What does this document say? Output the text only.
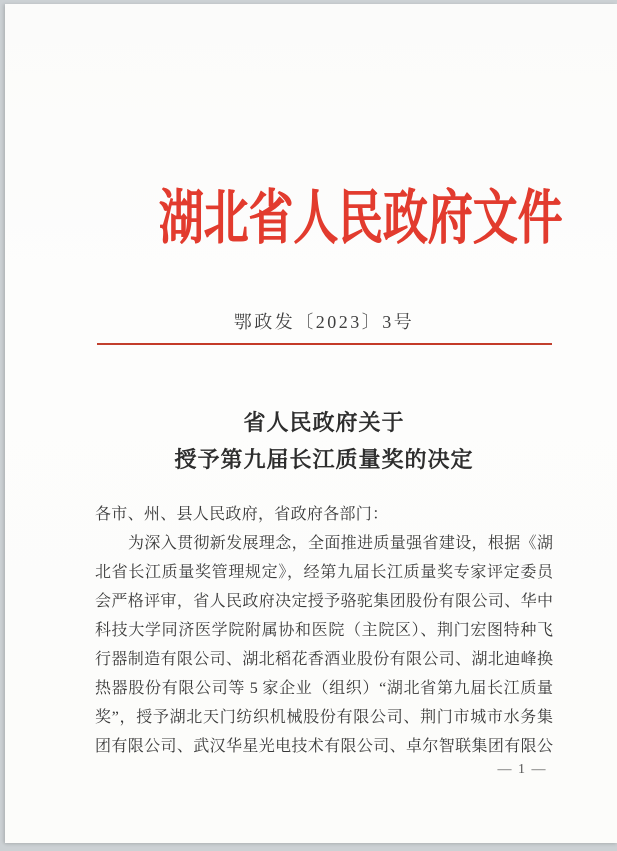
湖北省人民政府文件
鄂政发〔2023〕3号
省人民政府关于
授予第九届长江质量奖的决定
各市、州、县人民政府，省政府各部门：
为深入贯彻新发展理念，全面推进质量强省建设，根据《湖
北省长江质量奖管理规定》，经第九届长江质量奖专家评定委员
会严格评审，省人民政府决定授予骆驼集团股份有限公司、华中
科技大学同济医学院附属协和医院（主院区）、荆门宏图特种飞
行器制造有限公司、湖北稻花香酒业股份有限公司、湖北迪峰换
热器股份有限公司等 5 家企业（组织）“湖北省第九届长江质量
奖”，授予湖北天门纺织机械股份有限公司、荆门市城市水务集
团有限公司、武汉华星光电技术有限公司、卓尔智联集团有限公
— 1 —
